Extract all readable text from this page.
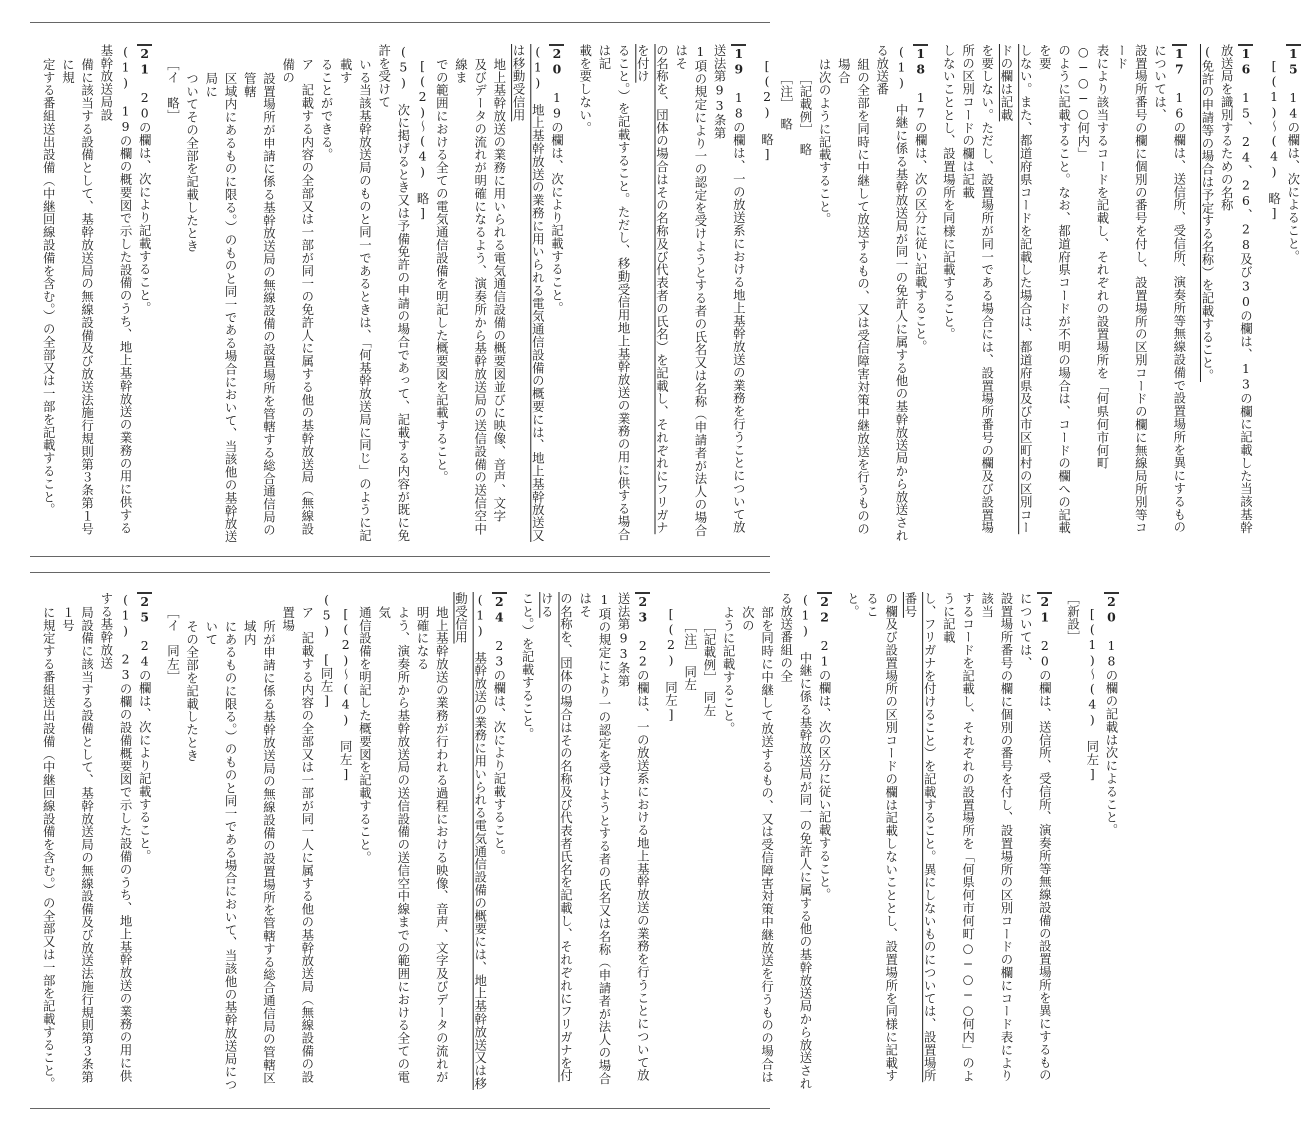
15　14の欄は、次によること。

[(1)〜(4)　略]
16　15、24、26、28及び30の欄は、13の欄に記載した当該基幹放送局を識別するための名称
(免許の申請等の場合は予定する名称）を記載すること。
17　16の欄は、送信所、受信所、演奏所等無線設備で設置場所を異にするものについては、
設置場所番号の欄に個別の番号を付し、設置場所の区別コードの欄に無線局所別等コード
表により該当するコードを記載し、それぞれの設置場所を「何県何市何町○−○−○何内」
のように記載すること。なお、都道府県コードが不明の場合は、コードの欄への記載を要
しない。また、都道府県コードを記載した場合は、都道府県及び市区町村の区別コードの欄は記載
を要しない。ただし、設置場所が同一である場合には、設置場所番号の欄及び設置場所の区別コードの欄は記載
しないこととし、設置場所を同様に記載すること。
18　17の欄は、次の区分に従い記載すること。
(1)　中継に係る基幹放送局が同一の免許人に属する他の基幹放送局から放送される放送番

組の全部を同時に中継して放送するもの、又は受信障害対策中継放送を行うものの場合
は次のように記載すること。
［記載例］　略
［注］　略
[(2)　略]
19　18の欄は、一の放送系における地上基幹放送の業務を行うことについて放送法第93条第
1項の規定により一の認定を受けようとする者の氏名又は名称（申請者が法人の場合はそ
の名称を、団体の場合はその名称及び代表者の氏名）を記載し、それぞれにフリガナを付け
ること。）を記載すること。ただし、移動受信用地上基幹放送の業務の用に供する場合は記
載を要しない。
20　19の欄は、次により記載すること。
(1)　地上基幹放送の業務に用いられる電気通信設備の概要には、地上基幹放送又は移動受信用

地上基幹放送の業務に用いられる電気通信設備の概要図並びに映像、音声、文字
及びデータの流れが明確になるよう、演奏所から基幹放送局の送信設備の送信空中線ま
での範囲における全ての電気通信設備を明記した概要図を記載すること。
[(2)〜(4)　略]
(5)　次に掲げるとき又は予備免許の申請の場合であって、記載する内容が既に免許を受けて

いる当該基幹放送局のものと同一であるときは、「何基幹放送局に同じ」のように記載す
ることができる。
ア　記載する内容の全部又は一部が同一の免許人に属する他の基幹放送局（無線設備の
設置場所が申請に係る基幹放送局の無線設備の設置場所を管轄する総合通信局の管轄
区域内にあるものに限る。）のものと同一である場合において、当該他の基幹放送局に
ついてその全部を記載したとき
［イ　略］
21　20の欄は、次により記載すること。
(1)　19の欄の概要図で示した設備のうち、地上基幹放送の業務の用に供する基幹放送局設

備に該当する設備として、基幹放送局の無線設備及び放送法施行規則第３条第１号に規
定する番組送出設備（中継回線設備を含む。）の全部又は一部を記載すること。
20　18の欄の記載は次によること。

[(1)〜(4)　同左]
［新設］
21　20の欄は、送信所、受信所、演奏所等無線設備の設置場所を異にするものについては、
設置場所番号の欄に個別の番号を付し、設置場所の区別コードの欄にコード表により該当
するコードを記載し、それぞれの設置場所を「何県何市何町○−○−○何内」のように記載
し、フリガナを付けること）を記載すること。異にしないものについては、設置場所番号
の欄及び設置場所の区別コードの欄は記載しないこととし、設置場所を同様に記載するこ
と。
22　21の欄は、次の区分に従い記載すること。
(1)　中継に係る基幹放送局が同一の免許人に属する他の基幹放送局から放送される放送番組の全

部を同時に中継して放送するもの、又は受信障害対策中継放送を行うものの場合は次の
ように記載すること。
［記載例］　同左
［注］　同左
[(2)　同左]
23　22の欄は、一の放送系における地上基幹放送の業務を行うことについて放送法第93条第
1項の規定により一の認定を受けようとする者の氏名又は名称（申請者が法人の場合はそ
の名称を、団体の場合はその名称及び代表者氏名を記載し、それぞれにフリガナを付ける
こと。）を記載すること。
24　23の欄は、次により記載すること。
(1)　基幹放送の業務に用いられる電気通信設備の概要には、地上基幹放送又は移動受信用

地上基幹放送の業務が行われる過程における映像、音声、文字及びデータの流れが明確になる
よう、演奏所から基幹放送局の送信設備の送信空中線までの範囲における全ての電気
通信設備を明記した概要図を記載すること。
[(2)〜(4)　同左]
(5)　[同左]

ア　記載する内容の全部又は一部が同一人に属する他の基幹放送局（無線設備の設置場
所が申請に係る基幹放送局の無線設備の設置場所を管轄する総合通信局の管轄区域内
にあるものに限る。）のものと同一である場合において、当該他の基幹放送局について
その全部を記載したとき
［イ　同左］
25　24の欄は、次により記載すること。
(1)　23の欄の設備概要図で示した設備のうち、地上基幹放送の業務の用に供する基幹放送

局設備に該当する設備として、基幹放送局の無線設備及び放送法施行規則第３条第１号
に規定する番組送出設備（中継回線設備を含む。）の全部又は一部を記載すること。
